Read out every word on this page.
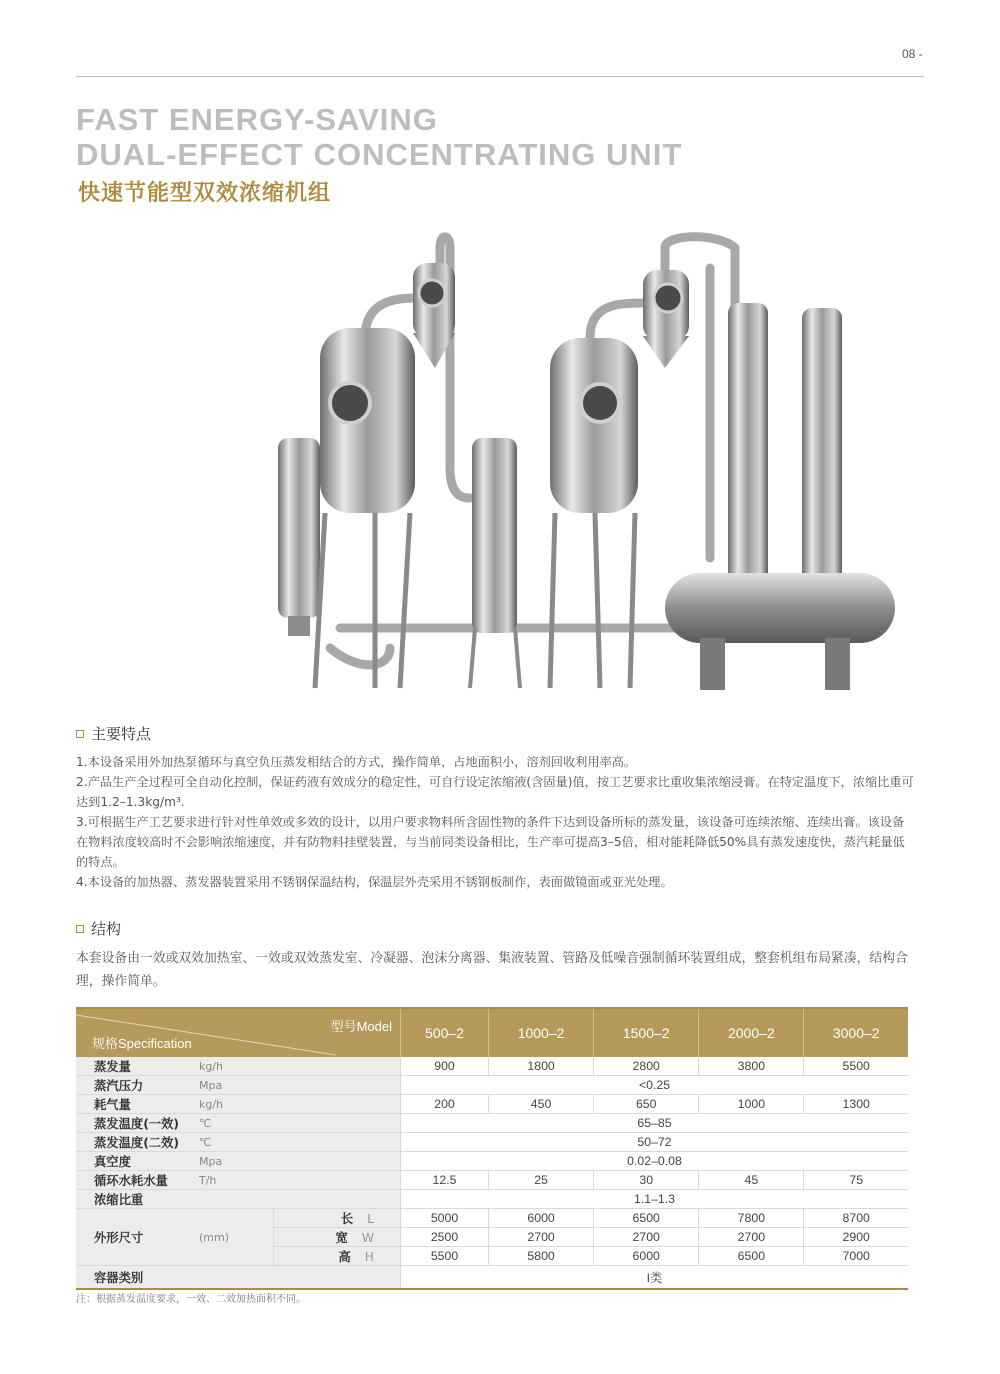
08 -
FAST ENERGY-SAVING
DUAL-EFFECT CONCENTRATING UNIT
快速节能型双效浓缩机组
主要特点

1.本设备采用外加热泵循环与真空负压蒸发相结合的方式，操作简单，占地面积小，溶剂回收利用率高。

2.产品生产全过程可全自动化控制，保证药液有效成分的稳定性，可自行设定浓缩液(含固量)值，按工艺要求比重收集浓缩浸膏。在特定温度下，浓缩比重可达到1.2–1.3kg/m³.

3.可根据生产工艺要求进行针对性单效或多效的设计，以用户要求物料所含固性物的条件下达到设备所标的蒸发量，该设备可连续浓缩、连续出膏。该设备在物料浓度较高时不会影响浓缩速度，并有防物料挂壁装置，与当前同类设备相比，生产率可提高3–5倍，相对能耗降低50%具有蒸发速度快，蒸汽耗量低的特点。

4.本设备的加热器、蒸发器装置采用不锈钢保温结构，保温层外壳采用不锈钢板制作，表面做镜面或亚光处理。

结构

本套设备由一效或双效加热室、一效或双效蒸发室、冷凝器、泡沫分离器、集液装置、管路及低噪音强制循环装置组成，整套机组布局紧凑，结构合理，操作简单。

型号Model
规格Specification			500–2	1000–2	1500–2	2000–2	3000–2
蒸发量	kg/h		900	1800	2800	3800	5500
蒸汽压力	Mpa		<0.25				
耗气量	kg/h		200	450	650	1000	1300
蒸发温度(一效)	℃		65–85				
蒸发温度(二效)	℃		50–72				
真空度	Mpa		0.02–0.08				
循环水耗水量	T/h		12.5	25	30	45	75
浓缩比重			1.1–1.3				
外形尺寸	(mm)	长 L	5000	6000	6500	7800	8700
		宽 W	2500	2700	2700	2700	2900
		高 H	5500	5800	6000	6500	7000
容器类别			I类				
注：根据蒸发温度要求，一效、二效加热面积不同。
